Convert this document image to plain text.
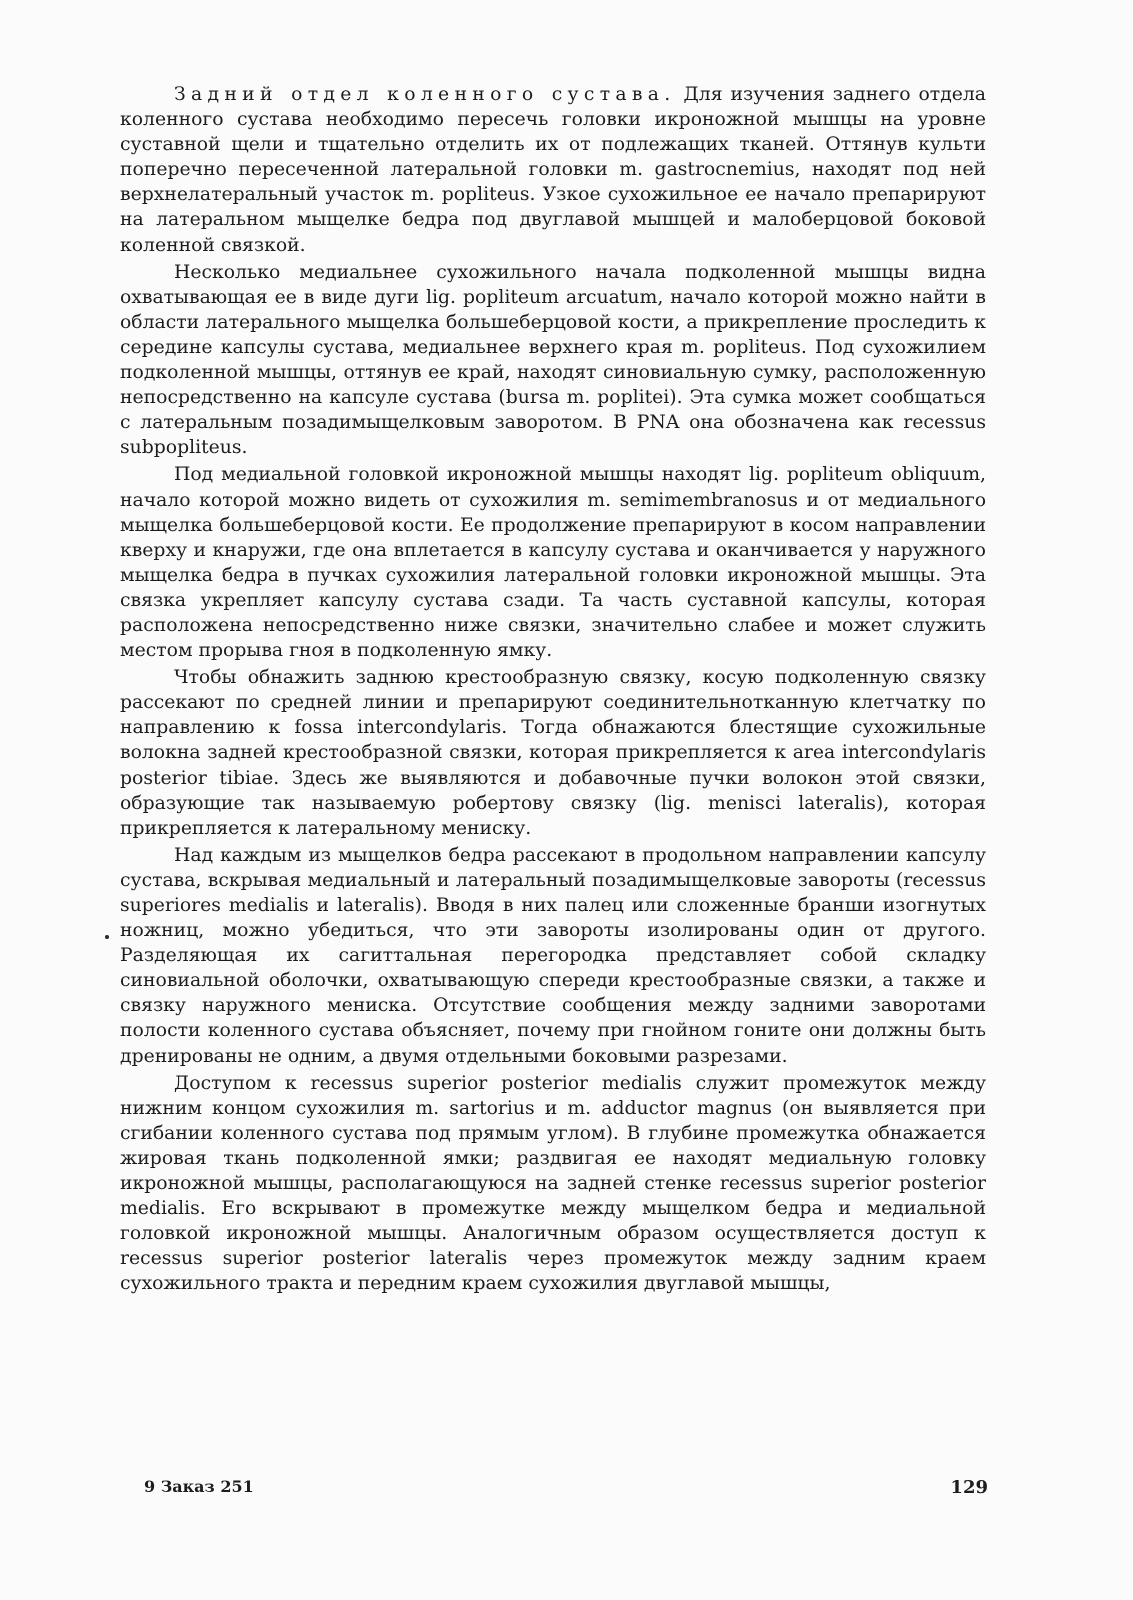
Задний отдел коленного сустава. Для изучения заднего отдела коленного сустава необходимо пересечь головки икроножной мышцы на уровне суставной щели и тщательно отделить их от подлежащих тканей. Оттянув культи поперечно пересеченной латеральной головки m. gastrocnemius, находят под ней верхнелатеральный участок m. popliteus. Узкое сухожильное ее начало препарируют на латеральном мыщелке бедра под двуглавой мышцей и малоберцовой боковой коленной связкой.

Несколько медиальнее сухожильного начала подколенной мышцы видна охватывающая ее в виде дуги lig. popliteum arcuatum, начало которой можно найти в области латерального мыщелка большеберцовой кости, а прикрепление проследить к середине капсулы сустава, медиальнее верхнего края m. popliteus. Под сухожилием подколенной мышцы, оттянув ее край, находят синовиальную сумку, расположенную непосредственно на капсуле сустава (bursa m. poplitei). Эта сумка может сообщаться с латеральным позадимыщелковым заворотом. В PNA она обозначена как recessus subpopliteus.

Под медиальной головкой икроножной мышцы находят lig. popliteum obliquum, начало которой можно видеть от сухожилия m. semimembranosus и от медиального мыщелка большеберцовой кости. Ее продолжение препарируют в косом направлении кверху и кнаружи, где она вплетается в капсулу сустава и оканчивается у наружного мыщелка бедра в пучках сухожилия латеральной головки икроножной мышцы. Эта связка укрепляет капсулу сустава сзади. Та часть суставной капсулы, которая расположена непосредственно ниже связки, значительно слабее и может служить местом прорыва гноя в подколенную ямку.

Чтобы обнажить заднюю крестообразную связку, косую подколенную связку рассекают по средней линии и препарируют соединительнотканную клетчатку по направлению к fossa intercondylaris. Тогда обнажаются блестящие сухожильные волокна задней крестообразной связки, которая прикрепляется к area intercondylaris posterior tibiae. Здесь же выявляются и добавочные пучки волокон этой связки, образующие так называемую робертову связку (lig. menisci lateralis), которая прикрепляется к латеральному мениску.

Над каждым из мыщелков бедра рассекают в продольном направлении капсулу сустава, вскрывая медиальный и латеральный позадимыщелковые завороты (recessus superiores medialis и lateralis). Вводя в них палец или сложенные бранши изогнутых ножниц, можно убедиться, что эти завороты изолированы один от другого. Разделяющая их сагиттальная перегородка представляет собой складку синовиальной оболочки, охватывающую спереди крестообразные связки, а также и связку наружного мениска. Отсутствие сообщения между задними заворотами полости коленного сустава объясняет, почему при гнойном гоните они должны быть дренированы не одним, а двумя отдельными боковыми разрезами.

Доступом к recessus superior posterior medialis служит промежуток между нижним концом сухожилия m. sartorius и m. adductor magnus (он выявляется при сгибании коленного сустава под прямым углом). В глубине промежутка обнажается жировая ткань подколенной ямки; раздвигая ее находят медиальную головку икроножной мышцы, располагающуюся на задней стенке recessus superior posterior medialis. Его вскрывают в промежутке между мыщелком бедра и медиальной головкой икроножной мышцы. Аналогичным образом осуществляется доступ к recessus superior posterior lateralis через промежуток между задним краем сухожильного тракта и передним краем сухожилия двуглавой мышцы,

9 Заказ 251	129
